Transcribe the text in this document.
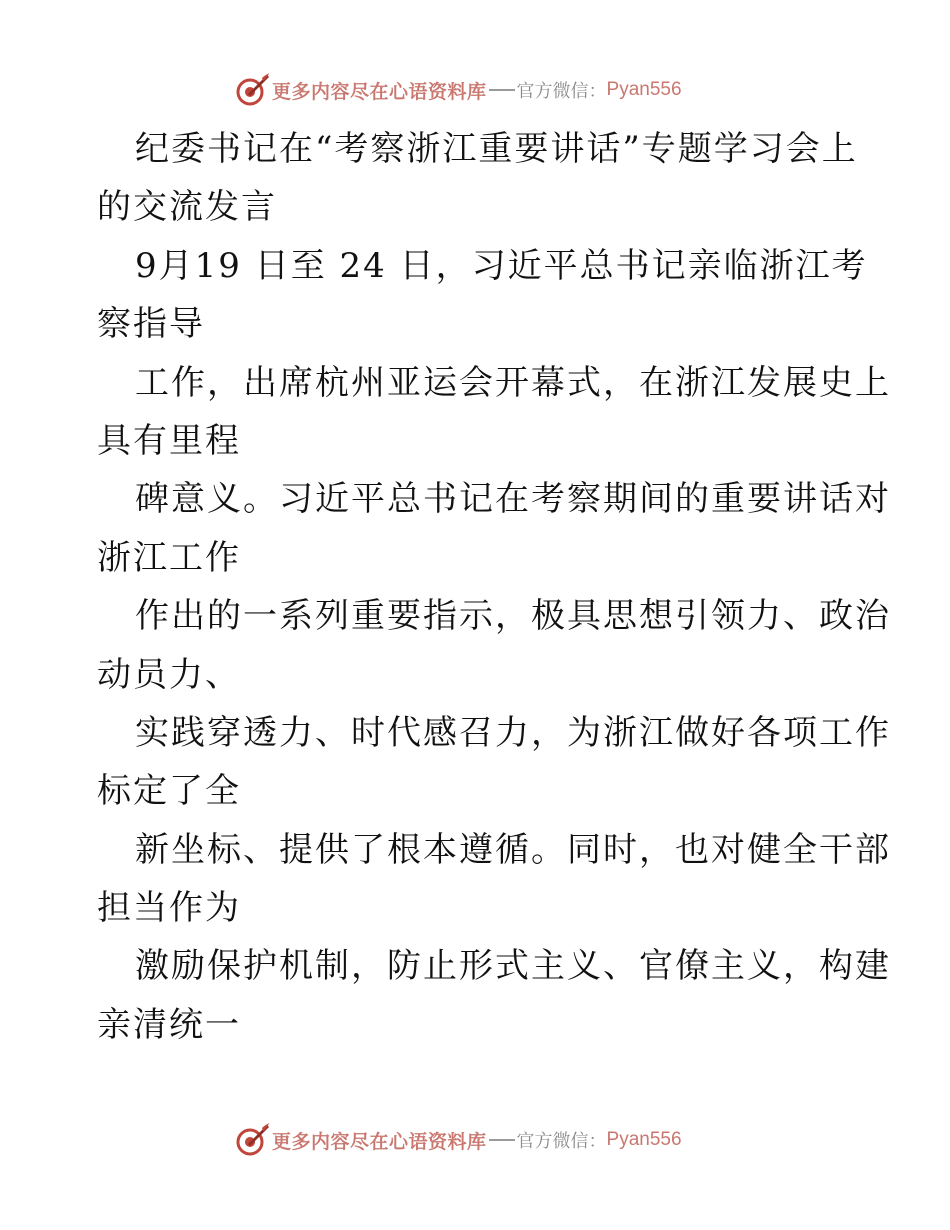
更多内容尽在心语资料库 官方微信： Pyan556
纪委书记在“考察浙江重要讲话”专题学习会上
的交流发言
9月19 日至 24 日，习近平总书记亲临浙江考
察指导
工作，出席杭州亚运会开幕式，在浙江发展史上
具有里程
碑意义。习近平总书记在考察期间的重要讲话对
浙江工作
作出的一系列重要指示，极具思想引领力、政治
动员力、
实践穿透力、时代感召力，为浙江做好各项工作
标定了全
新坐标、提供了根本遵循。同时，也对健全干部
担当作为
激励保护机制，防止形式主义、官僚主义，构建
亲清统一
更多内容尽在心语资料库 官方微信： Pyan556
